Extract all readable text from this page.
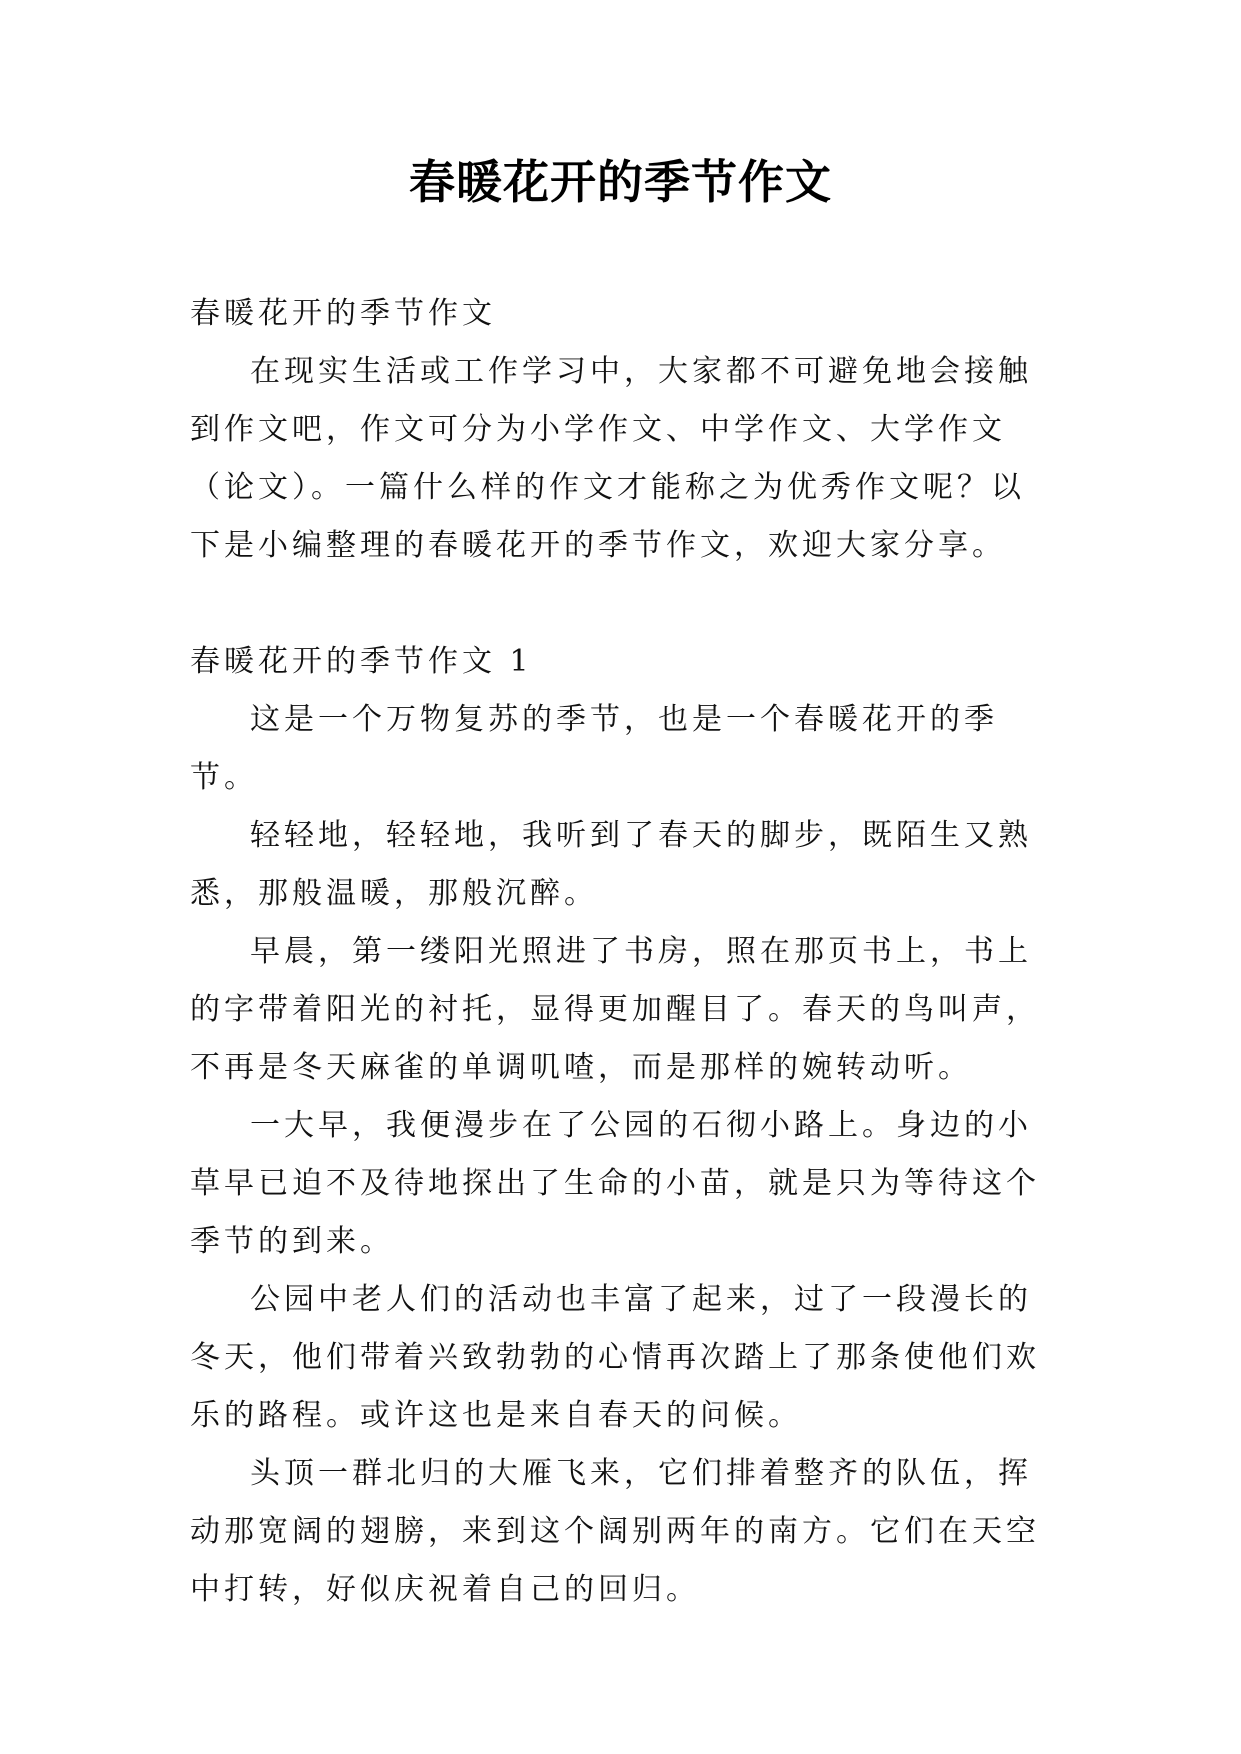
春暖花开的季节作文

春暖花开的季节作文

在现实生活或工作学习中，大家都不可避免地会接触到作文吧，作文可分为小学作文、中学作文、大学作文（论文）。一篇什么样的作文才能称之为优秀作文呢？以下是小编整理的春暖花开的季节作文，欢迎大家分享。

春暖花开的季节作文 1

这是一个万物复苏的季节，也是一个春暖花开的季节。

轻轻地，轻轻地，我听到了春天的脚步，既陌生又熟悉，那般温暖，那般沉醉。

早晨，第一缕阳光照进了书房，照在那页书上，书上的字带着阳光的衬托，显得更加醒目了。春天的鸟叫声，不再是冬天麻雀的单调叽喳，而是那样的婉转动听。

一大早，我便漫步在了公园的石彻小路上。身边的小草早已迫不及待地探出了生命的小苗，就是只为等待这个季节的到来。

公园中老人们的活动也丰富了起来，过了一段漫长的冬天，他们带着兴致勃勃的心情再次踏上了那条使他们欢乐的路程。或许这也是来自春天的问候。

头顶一群北归的大雁飞来，它们排着整齐的队伍，挥动那宽阔的翅膀，来到这个阔别两年的南方。它们在天空中打转，好似庆祝着自己的回归。
